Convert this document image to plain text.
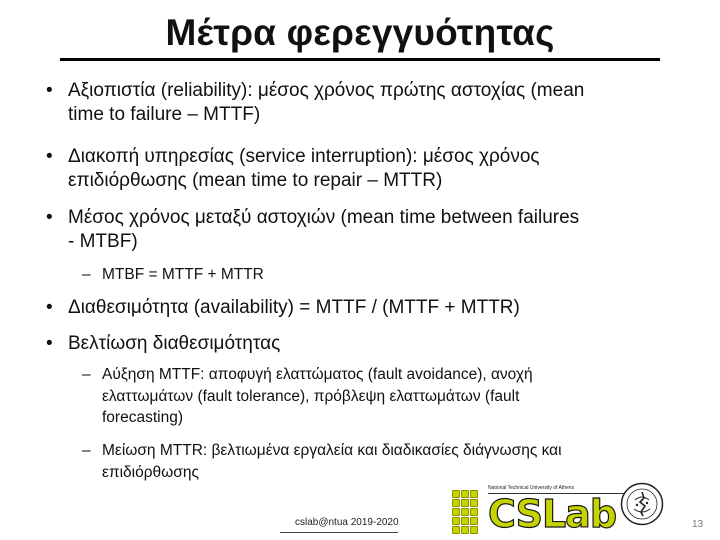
Μέτρα φερεγγυότητας
• Αξιοπιστία (reliability): μέσος χρόνος πρώτης αστοχίας (mean
time to failure – MTTF)
• Διακοπή υπηρεσίας (service interruption): μέσος χρόνος
επιδιόρθωσης (mean time to repair – MTTR)
• Μέσος χρόνος μεταξύ αστοχιών (mean time between failures
- MTBF)
– MTBF = MTTF + MTTR
• Διαθεσιμότητα (availability) = MTTF / (MTTF + MTTR)
• Βελτίωση διαθεσιμότητας
– Αύξηση MTTF: αποφυγή ελαττώματος (fault avoidance), ανοχή
ελαττωμάτων (fault tolerance), πρόβλεψη ελαττωμάτων (fault
forecasting)
– Μείωση MTTR: βελτιωμένα εργαλεία και διαδικασίες διάγνωσης και
επιδιόρθωσης
cslab@ntua 2019-2020	13
National Technical University of Athens
CSLab
